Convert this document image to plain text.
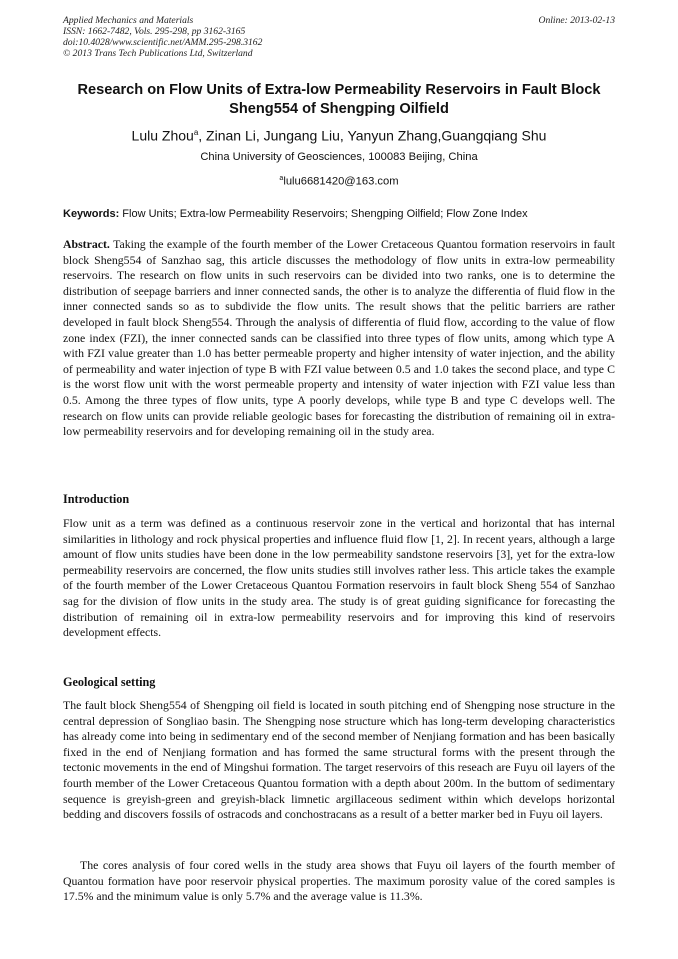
Applied Mechanics and Materials
ISSN: 1662-7482, Vols. 295-298, pp 3162-3165
doi:10.4028/www.scientific.net/AMM.295-298.3162
© 2013 Trans Tech Publications Ltd, Switzerland
Online: 2013-02-13
Research on Flow Units of Extra-low Permeability Reservoirs in Fault Block Sheng554 of Shengping Oilfield
Lulu Zhou$^a$, Zinan Li, Jungang Liu, Yanyun Zhang,Guangqiang Shu
China University of Geosciences, 100083 Beijing, China
$^a$lulu6681420@163.com
Keywords: Flow Units; Extra-low Permeability Reservoirs; Shengping Oilfield; Flow Zone Index

Abstract. Taking the example of the fourth member of the Lower Cretaceous Quantou formation reservoirs in fault block Sheng554 of Sanzhao sag, this article discusses the methodology of flow units in extra-low permeability reservoirs. The research on flow units in such reservoirs can be divided into two ranks, one is to determine the distribution of seepage barriers and inner connected sands, the other is to analyze the differentia of fluid flow in the inner connected sands so as to subdivide the flow units. The result shows that the pelitic barriers are rather developed in fault block Sheng554. Through the analysis of differentia of fluid flow, according to the value of flow zone index (FZI), the inner connected sands can be classified into three types of flow units, among which type A with FZI value greater than 1.0 has better permeable property and higher intensity of water injection, and the ability of permeability and water injection of type B with FZI value between 0.5 and 1.0 takes the second place, and type C is the worst flow unit with the worst permeable property and intensity of water injection with FZI value less than 0.5. Among the three types of flow units, type A poorly develops, while type B and type C develops well. The research on flow units can provide reliable geologic bases for forecasting the distribution of remaining oil in extra-low permeability reservoirs and for developing remaining oil in the study area.

Introduction

Flow unit as a term was defined as a continuous reservoir zone in the vertical and horizontal that has internal similarities in lithology and rock physical properties and influence fluid flow [1, 2]. In recent years, although a large amount of flow units studies have been done in the low permeability sandstone reservoirs [3], yet for the extra-low permeability reservoirs are concerned, the flow units studies still involves rather less. This article takes the example of the fourth member of the Lower Cretaceous Quantou Formation reservoirs in fault block Sheng 554 of Sanzhao sag for the division of flow units in the study area. The study is of great guiding significance for forecasting the distribution of remaining oil in extra-low permeability reservoirs and for improving this kind of reservoirs development effects.

Geological setting

The fault block Sheng554 of Shengping oil field is located in south pitching end of Shengping nose structure in the central depression of Songliao basin. The Shengping nose structure which has long-term developing characteristics has already come into being in sedimentary end of the second member of Nenjiang formation and has been basically fixed in the end of Nenjiang formation and has formed the same structural forms with the present through the tectonic movements in the end of Mingshui formation. The target reservoirs of this reseach are Fuyu oil layers of the fourth member of the Lower Cretaceous Quantou formation with a depth about 200m. In the buttom of sedimentary sequence is greyish-green and greyish-black limnetic argillaceous sediment within which develops horizontal bedding and discovers fossils of ostracods and conchostracans as a result of a better marker bed in Fuyu oil layers.

The cores analysis of four cored wells in the study area shows that Fuyu oil layers of the fourth member of Quantou formation have poor reservoir physical properties. The maximum porosity value of the cored samples is 17.5% and the minimum value is only 5.7% and the average value is 11.3%.
